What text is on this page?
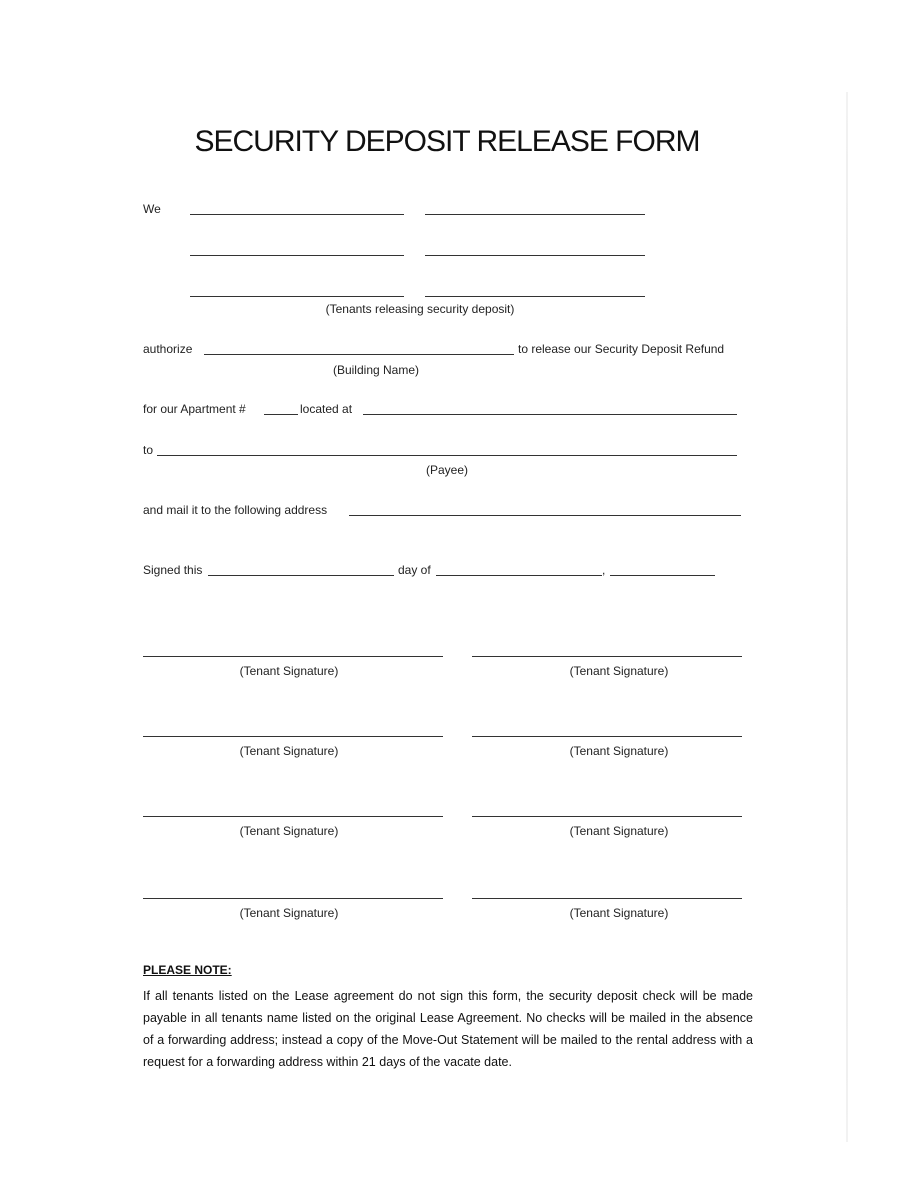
SECURITY DEPOSIT RELEASE FORM
We
(Tenants releasing security deposit)
authorize	to release our Security Deposit Refund
(Building Name)
for our Apartment #	located at
to
(Payee)
and mail it to the following address
Signed this	day of	,
(Tenant Signature)	(Tenant Signature)
(Tenant Signature)	(Tenant Signature)
(Tenant Signature)	(Tenant Signature)
(Tenant Signature)	(Tenant Signature)
PLEASE NOTE:
If all tenants listed on the Lease agreement do not sign this form, the security deposit check will be made payable in all tenants name listed on the original Lease Agreement. No checks will be mailed in the absence of a forwarding address; instead a copy of the Move-Out Statement will be mailed to the rental address with a request for a forwarding address within 21 days of the vacate date.
